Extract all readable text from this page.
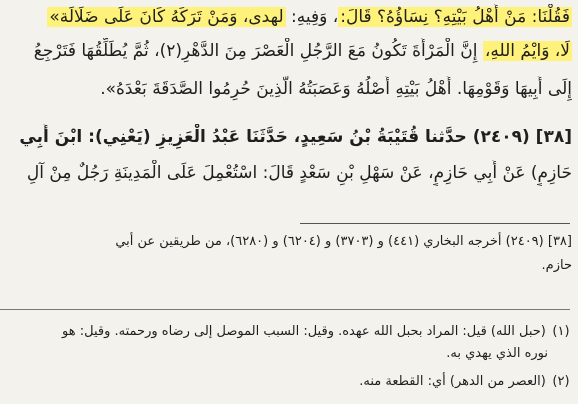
فَقُلْنَا: مَنْ أَهْلُ بَيْتِهِ؟ نِسَاؤُهُ؟ قَالَ:، وَفِيهِ: لهدى، وَمَنْ تَرَكَهُ كَانَ عَلَى ضَلَالَة»
لَا، وَايْمُ اللهِ، إِنَّ الْمَرْأَةَ تَكُونُ مَعَ الرَّجُلِ الْعَصْرَ مِنَ الدَّهْرِ(٢)، ثُمَّ يُطَلِّقُهَا فَتَرْجِعُ
إِلَى أَبِيهَا وَقَوْمِهَا. أَهْلُ بَيْتِهِ أَصْلُهُ وَعَصَبَتُهُ الَّذِينَ حُرِمُوا الصَّدَقَةَ بَعْدَهُ».
[٣٨] (٢٤٠٩) حدَّثنا قُتَيْبَةُ بْنُ سَعِيدٍ، حَدَّثَنَا عَبْدُ الْعَزِيزِ (يَعْنِي): ابْنَ أَبِي
حَازِمٍ) عَنْ أَبِي حَازِمٍ، عَنْ سَهْلِ بْنِ سَعْدٍ قَالَ: اسْتُعْمِلَ عَلَى الْمَدِينَةِ رَجُلٌ مِنْ آلِ
[٣٨] (٢٤٠٩) أخرجه البخاري (٤٤١) و (٣٧٠٣) و (٦٢٠٤) و (٦٢٨٠)، من طريقين عن أبي
حازم.
(١) (حبل الله) قيل: المراد بحبل الله عهده. وقيل: السبب الموصل إلى رضاه ورحمته. وقيل: هو
نوره الذي يهدي به.
(٢) (العصر من الدهر) أي: القطعة منه.
